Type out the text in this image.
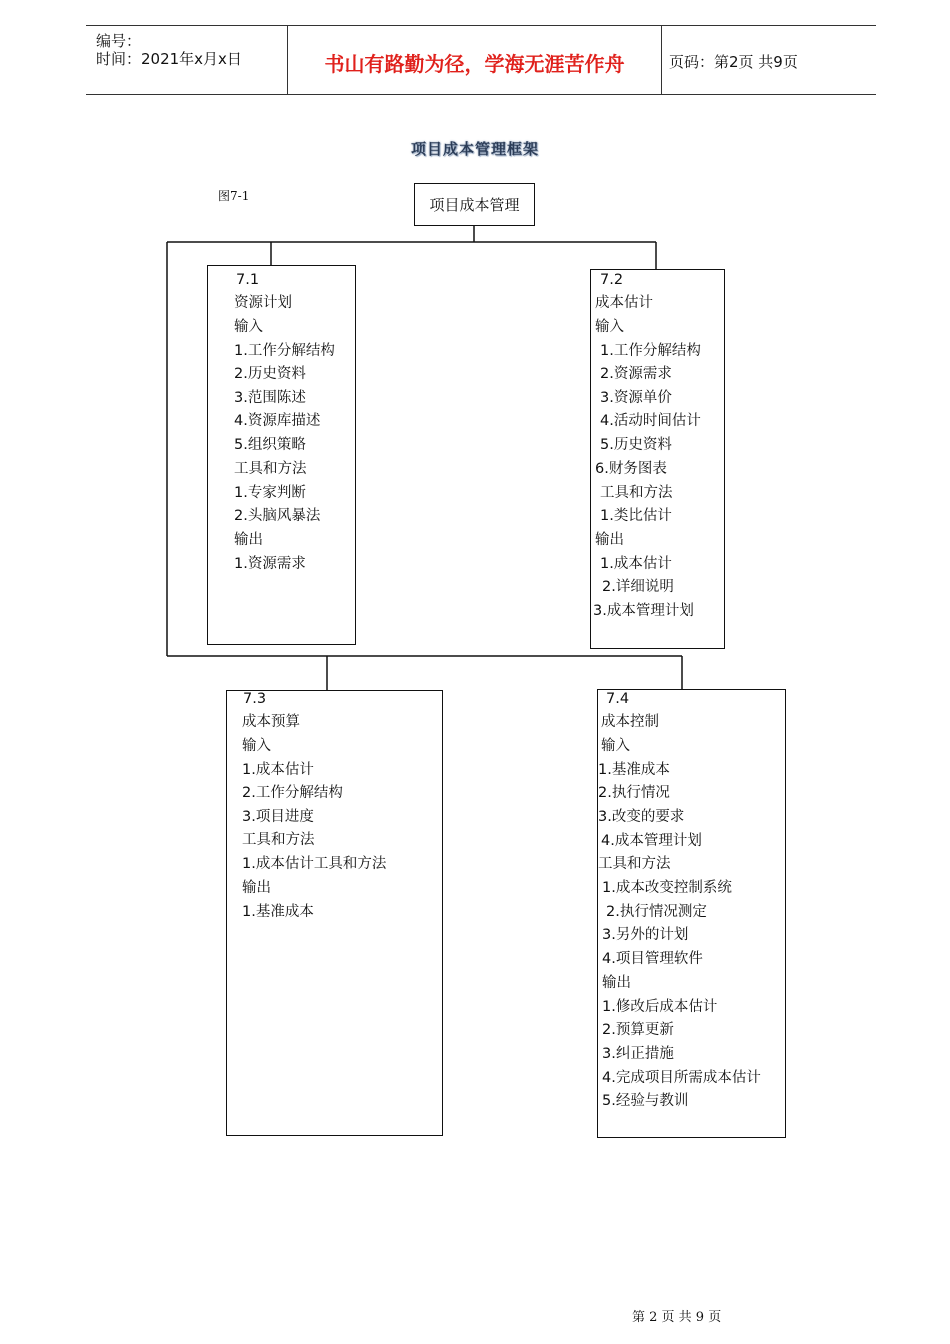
编号：
时间：2021年x月x日	书山有路勤为径，学海无涯苦作舟	页码：第2页 共9页
项目成本管理框架
图7-1	项目成本管理
7.1
资源计划
输入
1.工作分解结构
2.历史资料
3.范围陈述
4.资源库描述
5.组织策略
工具和方法
1.专家判断
2.头脑风暴法
输出
1.资源需求
7.2
成本估计
输入
1.工作分解结构
2.资源需求
3.资源单价
4.活动时间估计
5.历史资料
6.财务图表
工具和方法
1.类比估计
输出
1.成本估计
2.详细说明
3.成本管理计划
7.3
成本预算
输入
1.成本估计
2.工作分解结构
3.项目进度
工具和方法
1.成本估计工具和方法
输出
1.基准成本
7.4
成本控制
输入
1.基准成本
2.执行情况
3.改变的要求
4.成本管理计划
工具和方法
1.成本改变控制系统
2.执行情况测定
3.另外的计划
4.项目管理软件
输出
1.修改后成本估计
2.预算更新
3.纠正措施
4.完成项目所需成本估计
5.经验与教训
第 2 页 共 9 页
